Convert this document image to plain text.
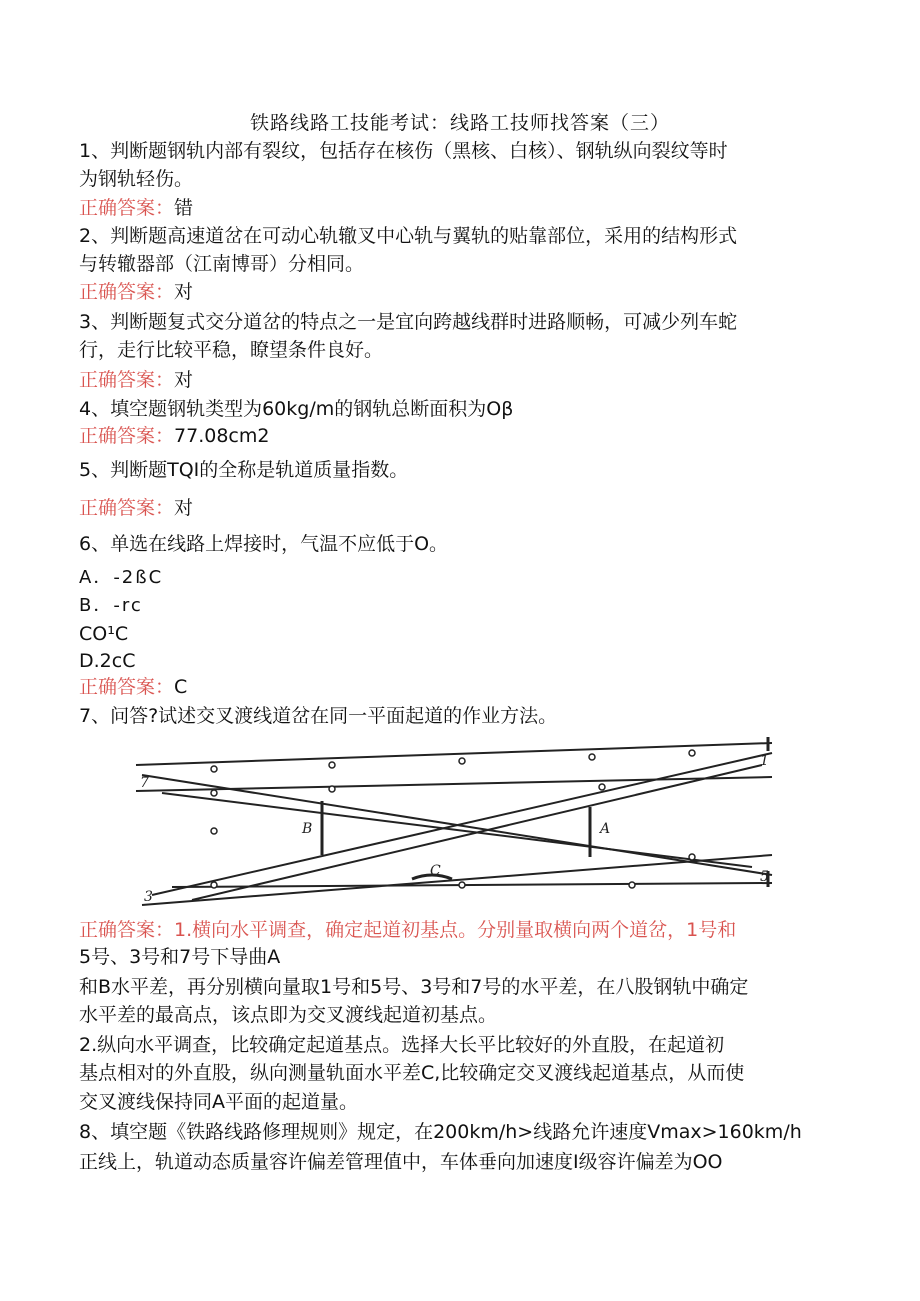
铁路线路工技能考试：线路工技师找答案（三）
1、判断题钢轨内部有裂纹，包括存在核伤（黑核、白核）、钢轨纵向裂纹等时
为钢轨轻伤。
正确答案：错
2、判断题高速道岔在可动心轨辙叉中心轨与翼轨的贴靠部位，采用的结构形式
与转辙器部（江南博哥）分相同。
正确答案：对
3、判断题复式交分道岔的特点之一是宜向跨越线群时进路顺畅，可减少列车蛇
行，走行比较平稳，瞭望条件良好。
正确答案：对
4、填空题钢轨类型为60kg/m的钢轨总断面积为Oβ
正确答案：77.08cm2
5、判断题TQI的全称是轨道质量指数。
正确答案：对
6、单选在线路上焊接时，气温不应低于O。
A．-2ßC
B．-rc
CO¹C
D.2cC
正确答案：C
7、问答?试述交叉渡线道岔在同一平面起道的作业方法。
7
1
B	A
C
3
5
正确答案：1.横向水平调查，确定起道初基点。分别量取横向两个道岔，1号和
5号、3号和7号下导曲A
和B水平差，再分别横向量取1号和5号、3号和7号的水平差，在八股钢轨中确定
水平差的最高点，该点即为交叉渡线起道初基点。
2.纵向水平调查，比较确定起道基点。选择大长平比较好的外直股，在起道初
基点相对的外直股，纵向测量轨面水平差C,比较确定交叉渡线起道基点，从而使
交叉渡线保持同A平面的起道量。
8、填空题《铁路线路修理规则》规定，在200km/h>线路允许速度Vmax>160km/h
正线上，轨道动态质量容许偏差管理值中，车体垂向加速度I级容许偏差为OO
